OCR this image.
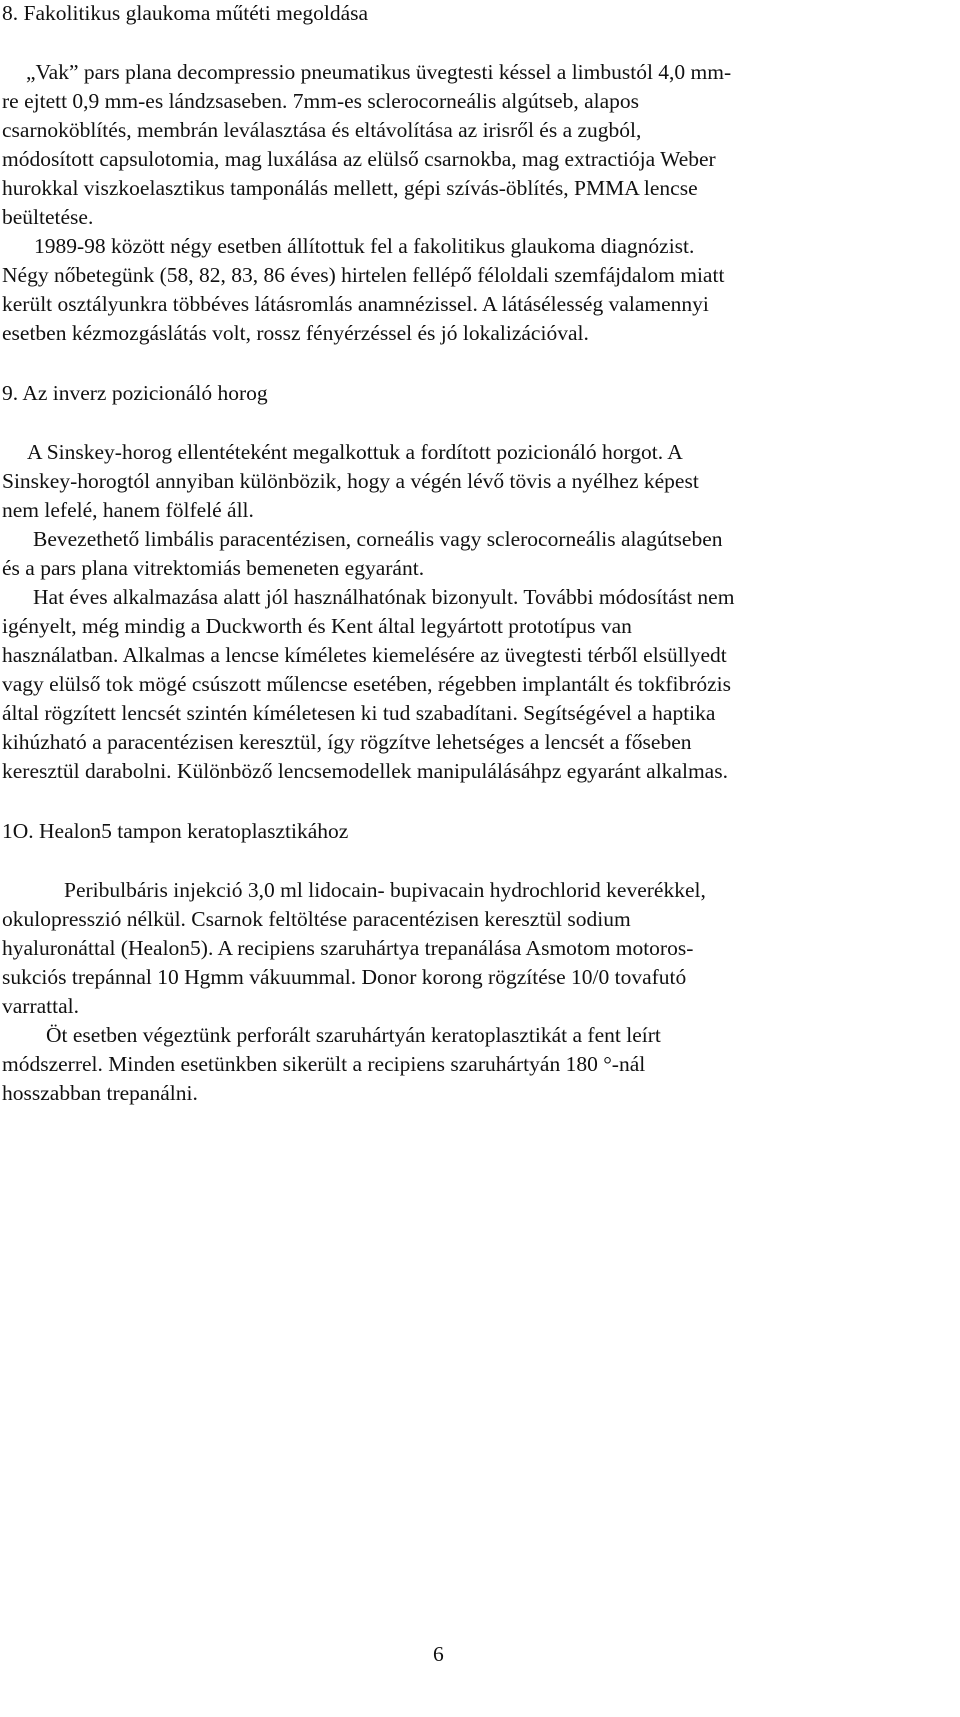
8. Fakolitikus glaukoma műtéti megoldása

„Vak” pars plana decompressio pneumatikus üvegtesti késsel a limbustól 4,0 mm-

re ejtett 0,9 mm-es lándzsaseben. 7mm-es sclerocorneális algútseb, alapos

csarnoköblítés, membrán leválasztása és eltávolítása az irisről és a zugból,

módosított capsulotomia, mag luxálása az elülső csarnokba, mag extractiója Weber

hurokkal viszkoelasztikus tamponálás mellett, gépi szívás-öblítés, PMMA lencse

beültetése.

1989-98 között négy esetben állítottuk fel a fakolitikus glaukoma diagnózist.

Négy nőbetegünk (58, 82, 83, 86 éves) hirtelen fellépő féloldali szemfájdalom miatt

került osztályunkra többéves látásromlás anamnézissel. A látásélesség valamennyi

esetben kézmozgáslátás volt, rossz fényérzéssel és jó lokalizációval.

9. Az inverz pozicionáló horog

A Sinskey-horog ellentéteként megalkottuk a fordított pozicionáló horgot. A

Sinskey-horogtól annyiban különbözik, hogy a végén lévő tövis a nyélhez képest

nem lefelé, hanem fölfelé áll.

Bevezethető limbális paracentézisen, corneális vagy sclerocorneális alagútseben

és a pars plana vitrektomiás bemeneten egyaránt.

Hat éves alkalmazása alatt jól használhatónak bizonyult. További módosítást nem

igényelt, még mindig a Duckworth és Kent által legyártott prototípus van

használatban. Alkalmas a lencse kíméletes kiemelésére az üvegtesti térből elsüllyedt

vagy elülső tok mögé csúszott műlencse esetében, régebben implantált és tokfibrózis

által rögzített lencsét szintén kíméletesen ki tud szabadítani. Segítségével a haptika

kihúzható a paracentézisen keresztül, így rögzítve lehetséges a lencsét a főseben

keresztül darabolni. Különböző lencsemodellek manipulálásáhpz egyaránt alkalmas.

1O. Healon5 tampon keratoplasztikához

Peribulbáris injekció 3,0 ml lidocain- bupivacain hydrochlorid keverékkel,

okulopresszió nélkül. Csarnok feltöltése paracentézisen keresztül sodium

hyaluronáttal (Healon5). A recipiens szaruhártya trepanálása Asmotom motoros-

sukciós trepánnal 10 Hgmm vákuummal. Donor korong rögzítése 10/0 tovafutó

varrattal.

Öt esetben végeztünk perforált szaruhártyán keratoplasztikát a fent leírt

módszerrel. Minden esetünkben sikerült a recipiens szaruhártyán 180 °-nál

hosszabban trepanálni.

6
